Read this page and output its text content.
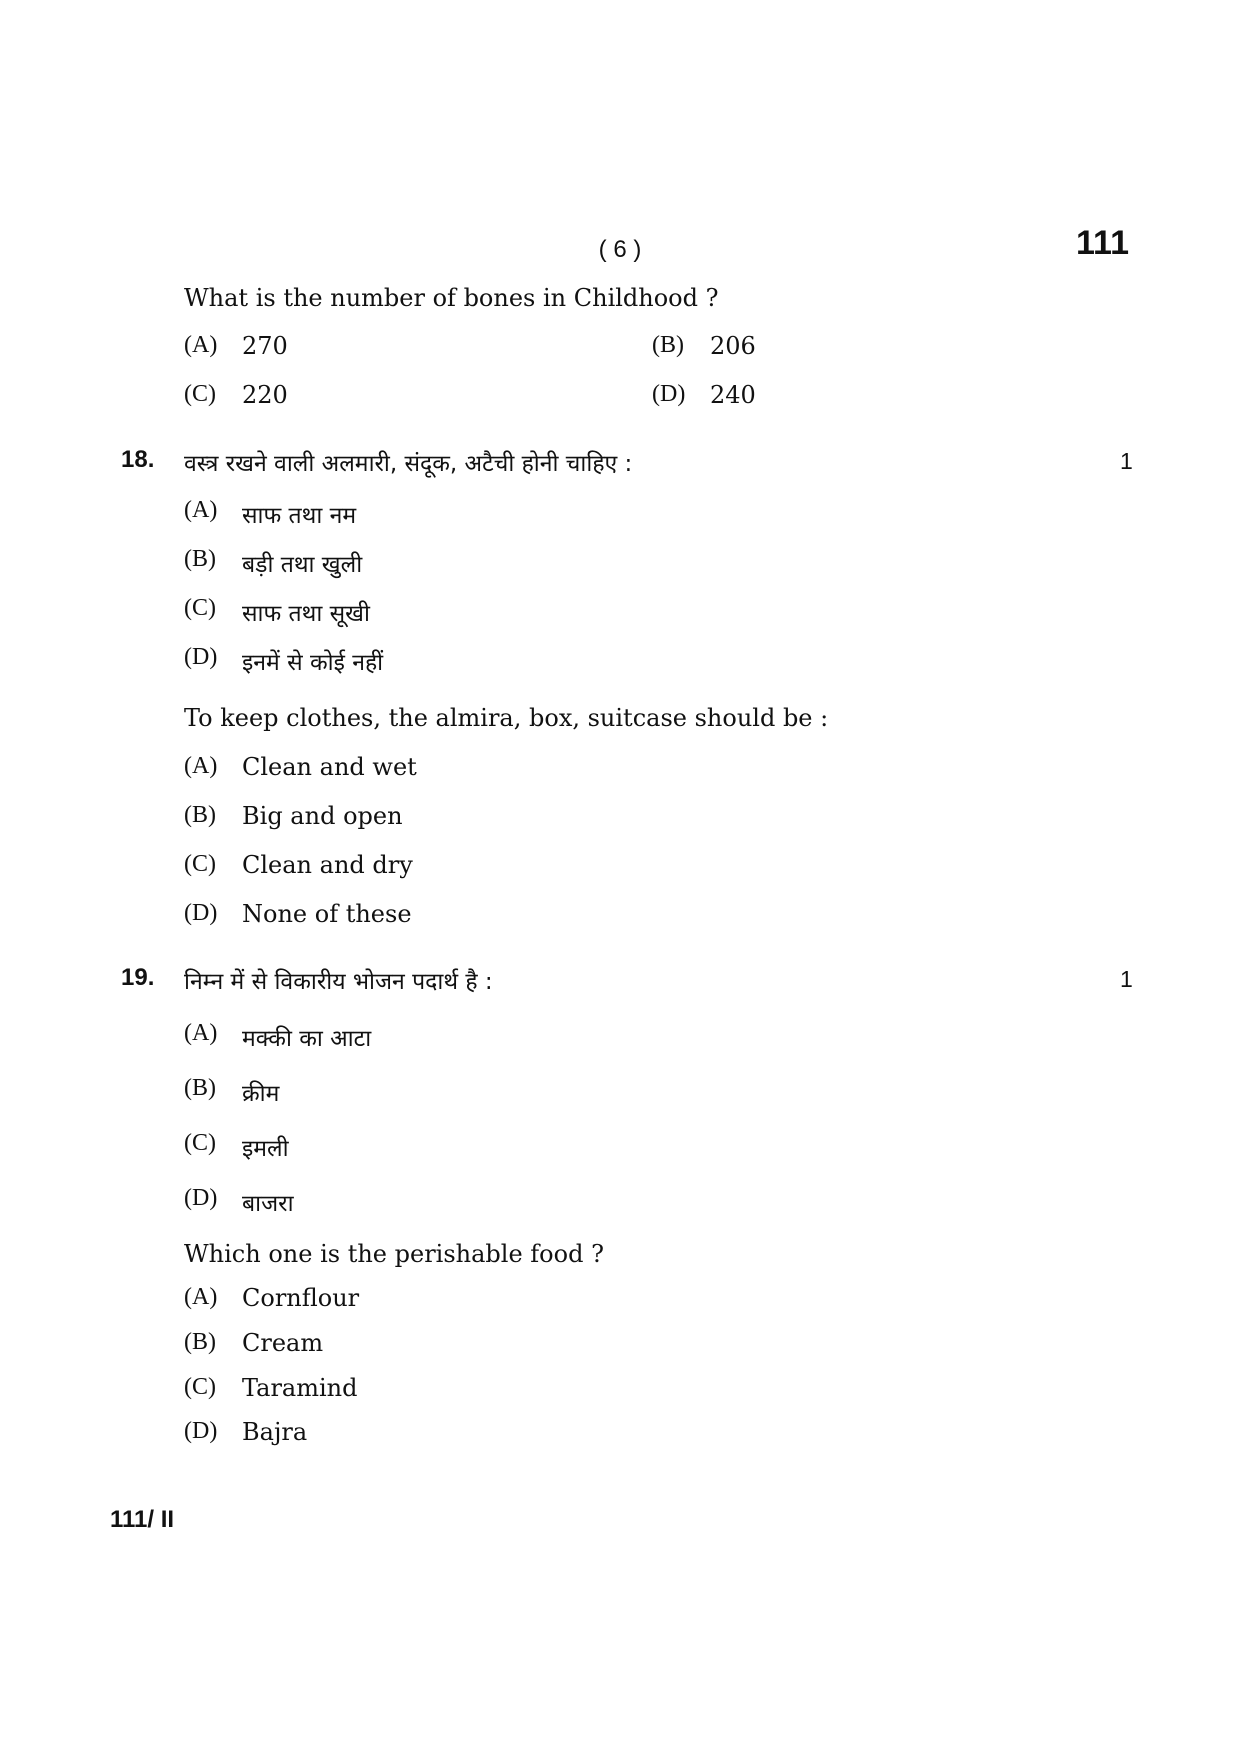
( 6 )	111
What is the number of bones in Childhood ?
(A) 270	(B) 206
(C) 220	(D) 240
18. वस्त्र रखने वाली अलमारी, संदूक, अटैची होनी चाहिए :	1
(A) साफ तथा नम
(B) बड़ी तथा खुली
(C) साफ तथा सूखी
(D) इनमें से कोई नहीं
To keep clothes, the almira, box, suitcase should be :
(A) Clean and wet
(B) Big and open
(C) Clean and dry
(D) None of these
19. निम्न में से विकारीय भोजन पदार्थ है :	1
(A) मक्की का आटा
(B) क्रीम
(C) इमली
(D) बाजरा
Which one is the perishable food ?
(A) Cornflour
(B) Cream
(C) Taramind
(D) Bajra
111/ II
